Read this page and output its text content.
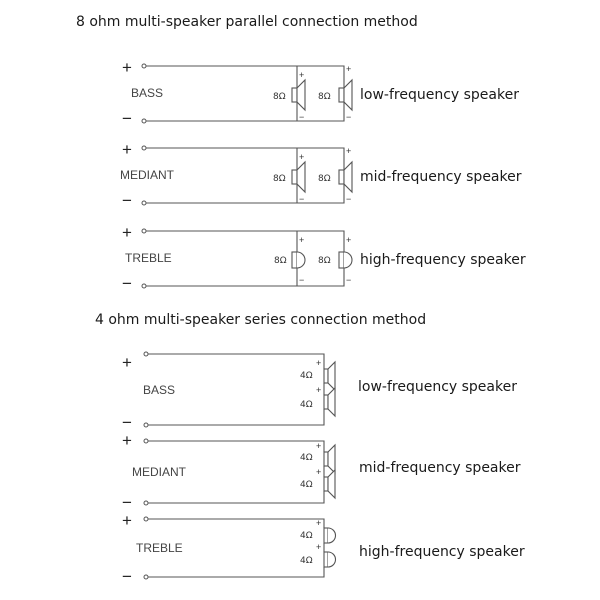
8 ohm multi-speaker parallel connection method
+
BASS
−
+
−
8Ω
+
−
8Ω low-frequency speaker
+
MEDIANT
−
+
−
8Ω
+
−
8Ω mid-frequency speaker
+
TREBLE
−
+
−
8Ω
+
−
8Ω high-frequency speaker
4 ohm multi-speaker series connection method
+
BASS
−
+
4Ω
+
4Ω
low-frequency speaker
+
MEDIANT
−
+
4Ω
+
4Ω
mid-frequency speaker
+
TREBLE
−
+
4Ω
+
4Ω
high-frequency speaker
